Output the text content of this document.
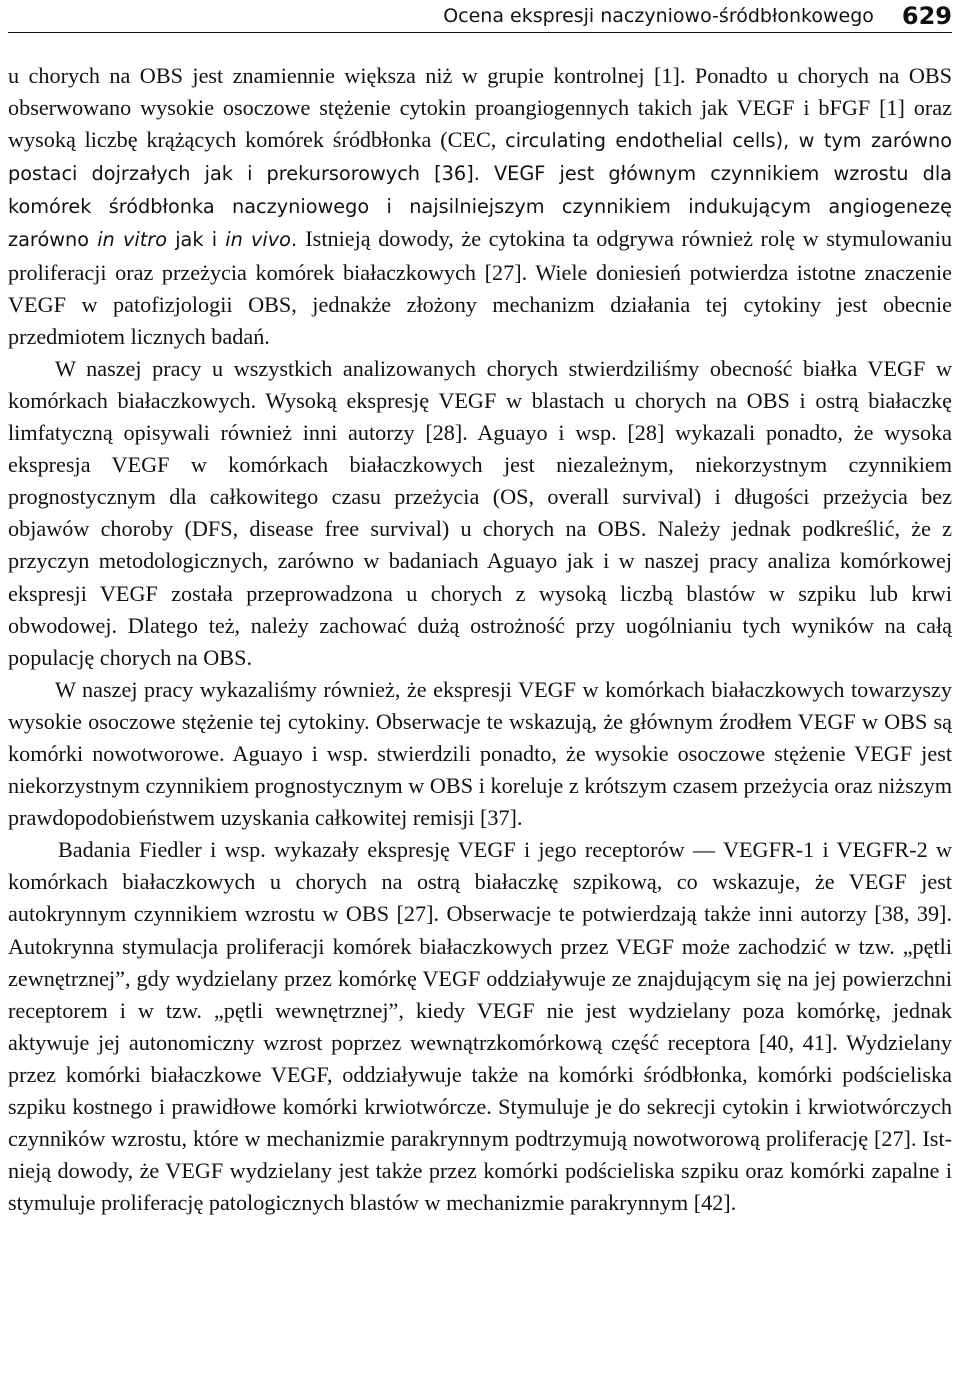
Ocena ekspresji naczyniowo-śródbłonkowego 629

u chorych na OBS jest znamiennie większa niż w grupie kontrolnej [1]. Ponadto u chorych na OBS obserwowano wysokie osoczowe stężenie cytokin proangiogennych takich jak VEGF i bFGF [1] oraz wysoką liczbę krążących komórek śródbłonka (CEC, circulating endothelial cells), w tym zarówno postaci dojrzałych jak i prekursorowych [36]. VEGF jest głównym czynnikiem wzrostu dla komórek śródbłonka naczyniowego i najsilniejszym czynnikiem indukującym angiogenezę zarówno in vitro jak i in vivo. Istnieją dowody, że cytokina ta odgrywa również rolę w stymulowaniu proliferacji oraz przeżycia komórek białaczkowych [27]. Wiele doniesień potwierdza istotne znaczenie VEGF w patofizjologii OBS, jednakże złożony mechanizm działania tej cytokiny jest obecnie przedmiotem licznych badań.

W naszej pracy u wszystkich analizowanych chorych stwierdziliśmy obecność białka VEGF w komórkach białaczkowych. Wysoką ekspresję VEGF w blastach u chorych na OBS i ostrą białaczkę limfatyczną opisywali również inni autorzy [28]. Aguayo i wsp. [28] wykazali ponadto, że wysoka ekspresja VEGF w komórkach białaczkowych jest niezależnym, niekorzystnym czynnikiem prognostycznym dla całkowitego czasu przeżycia (OS, overall survival) i długości przeżycia bez objawów choroby (DFS, disease free survival) u chorych na OBS. Należy jednak podkreślić, że z przyczyn metodologicznych, zarówno w badaniach Aguayo jak i w naszej pracy analiza komórkowej ekspresji VEGF została przeprowadzona u chorych z wysoką liczbą blastów w szpiku lub krwi obwodowej. Dlatego też, należy zachować dużą ostrożność przy uogólnianiu tych wyników na całą populację chorych na OBS.

W naszej pracy wykazaliśmy również, że ekspresji VEGF w komórkach białaczkowych towarzyszy wysokie osoczowe stężenie tej cytokiny. Obserwacje te wskazują, że głównym źrodłem VEGF w OBS są komórki nowotworowe. Aguayo i wsp. stwierdzili ponadto, że wysokie osoczowe stężenie VEGF jest niekorzystnym czynnikiem prognostycznym w OBS i koreluje z krótszym czasem przeżycia oraz niższym prawdopodobieństwem uzyskania całkowitej remisji [37].

Badania Fiedler i wsp. wykazały ekspresję VEGF i jego receptorów — VEGFR-1 i VEGFR-2 w komórkach białaczkowych u chorych na ostrą białaczkę szpikową, co wskazuje, że VEGF jest autokrynnym czynnikiem wzrostu w OBS [27]. Obserwacje te potwierdzają także inni autorzy [38, 39]. Autokrynna stymulacja proliferacji komórek białaczkowych przez VEGF może zachodzić w tzw. „pętli zewnętrznej”, gdy wydzielany przez komórkę VEGF oddziaływuje ze znajdującym się na jej powierzchni receptorem i w tzw. „pętli wewnętrznej”, kiedy VEGF nie jest wydzielany poza komórkę, jednak aktywuje jej autonomiczny wzrost poprzez wewnątrzkomórkową część receptora [40, 41]. Wydzielany przez komórki białaczkowe VEGF, oddziaływuje także na komórki śródbłonka, komórki podścieliska szpiku kostnego i prawidłowe komórki krwiotwórcze. Stymuluje je do sekrecji cytokin i krwiotwórczych czynników wzrostu, które w mechanizmie parakrynnym podtrzymują nowotworową proliferację [27]. Istnieją dowody, że VEGF wydzielany jest także przez komórki podścieliska szpiku oraz komórki zapalne i stymuluje proliferację patologicznych blastów w mechanizmie parakrynnym [42].
